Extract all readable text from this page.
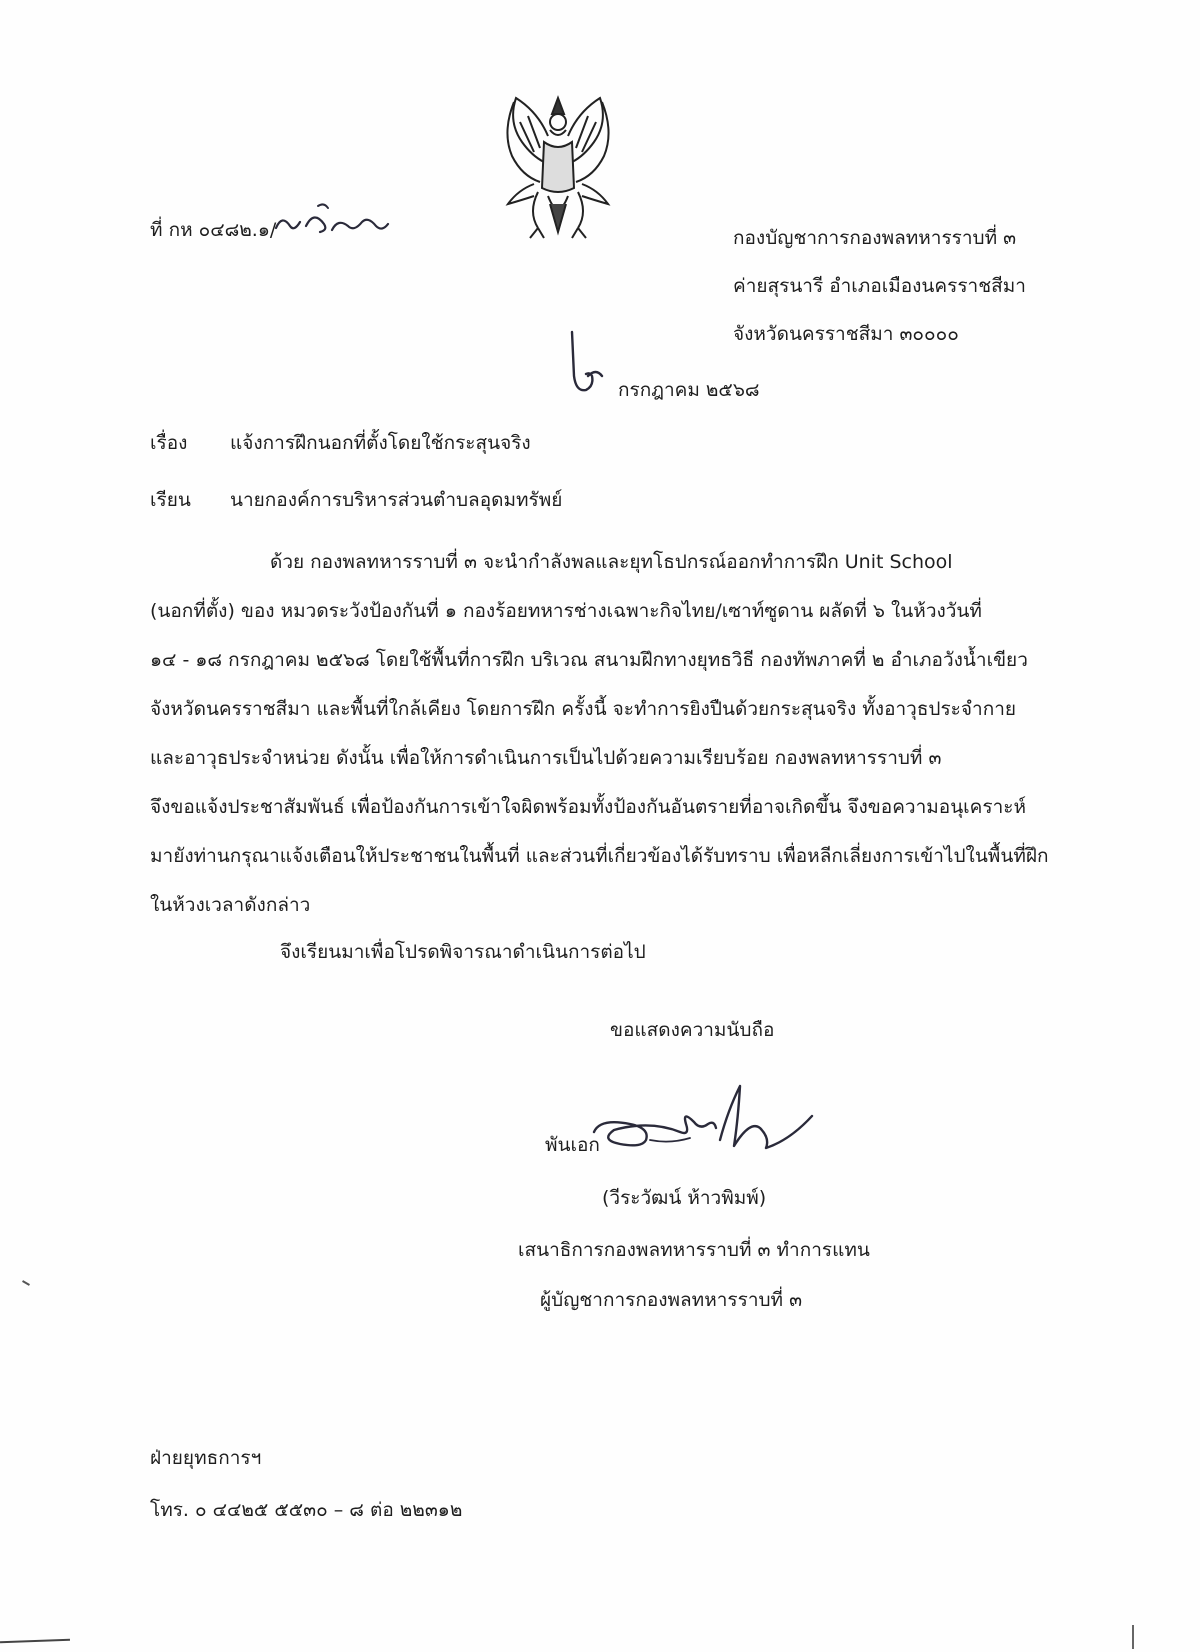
ที่ กห ๐๔๘๒.๑/	กองบัญชาการกองพลทหารราบที่ ๓
ค่ายสุรนารี อำเภอเมืองนครราชสีมา
จังหวัดนครราชสีมา ๓๐๐๐๐
กรกฎาคม ๒๕๖๘
เรื่อง แจ้งการฝึกนอกที่ตั้งโดยใช้กระสุนจริง
เรียน นายกองค์การบริหารส่วนตำบลอุดมทรัพย์
ด้วย กองพลทหารราบที่ ๓ จะนำกำลังพลและยุทโธปกรณ์ออกทำการฝึก Unit School
(นอกที่ตั้ง) ของ หมวดระวังป้องกันที่ ๑ กองร้อยทหารช่างเฉพาะกิจไทย/เซาท์ซูดาน ผลัดที่ ๖ ในห้วงวันที่
๑๔ - ๑๘ กรกฎาคม ๒๕๖๘ โดยใช้พื้นที่การฝึก บริเวณ สนามฝึกทางยุทธวิธี กองทัพภาคที่ ๒ อำเภอวังน้ำเขียว
จังหวัดนครราชสีมา และพื้นที่ใกล้เคียง โดยการฝึก ครั้งนี้ จะทำการยิงปืนด้วยกระสุนจริง ทั้งอาวุธประจำกาย
และอาวุธประจำหน่วย ดังนั้น เพื่อให้การดำเนินการเป็นไปด้วยความเรียบร้อย กองพลทหารราบที่ ๓
จึงขอแจ้งประชาสัมพันธ์ เพื่อป้องกันการเข้าใจผิดพร้อมทั้งป้องกันอันตรายที่อาจเกิดขึ้น จึงขอความอนุเคราะห์
มายังท่านกรุณาแจ้งเตือนให้ประชาชนในพื้นที่ และส่วนที่เกี่ยวข้องได้รับทราบ เพื่อหลีกเลี่ยงการเข้าไปในพื้นที่ฝึก
ในห้วงเวลาดังกล่าว
จึงเรียนมาเพื่อโปรดพิจารณาดำเนินการต่อไป
ขอแสดงความนับถือ
พันเอก
(วีระวัฒน์ ห้าวพิมพ์)
เสนาธิการกองพลทหารราบที่ ๓ ทำการแทน
ผู้บัญชาการกองพลทหารราบที่ ๓
ฝ่ายยุทธการฯ
โทร. ๐ ๔๔๒๕ ๕๕๓๐ – ๘ ต่อ ๒๒๓๑๒
